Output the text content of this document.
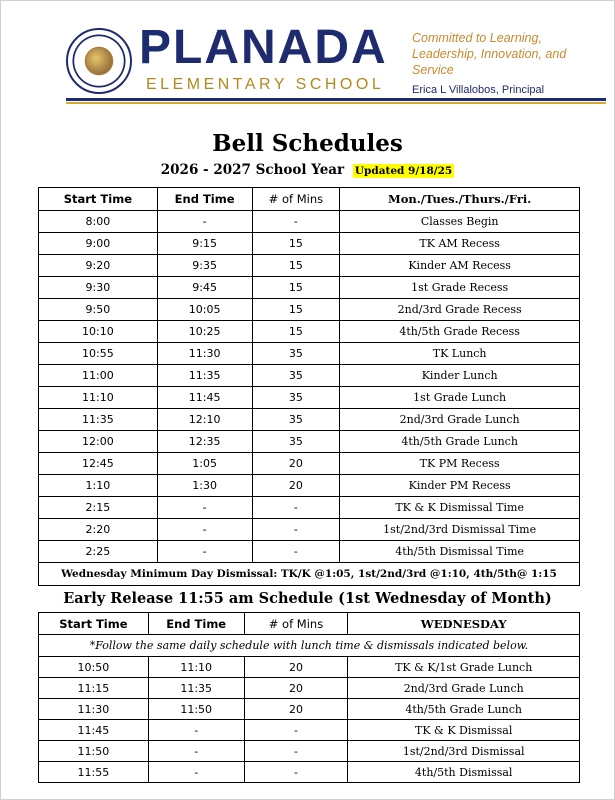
PLANADA
ELEMENTARY SCHOOL
Committed to Learning, Leadership, Innovation, and Service
Erica L Villalobos, Principal
Bell Schedules
2026 - 2027 School Year Updated 9/18/25
Start Time	End Time	# of Mins	Mon./Tues./Thurs./Fri.
8:00	-	-	Classes Begin
9:00	9:15	15	TK AM Recess
9:20	9:35	15	Kinder AM Recess
9:30	9:45	15	1st Grade Recess
9:50	10:05	15	2nd/3rd Grade Recess
10:10	10:25	15	4th/5th Grade Recess
10:55	11:30	35	TK Lunch
11:00	11:35	35	Kinder Lunch
11:10	11:45	35	1st Grade Lunch
11:35	12:10	35	2nd/3rd Grade Lunch
12:00	12:35	35	4th/5th Grade Lunch
12:45	1:05	20	TK PM Recess
1:10	1:30	20	Kinder PM Recess
2:15	-	-	TK & K Dismissal Time
2:20	-	-	1st/2nd/3rd Dismissal Time
2:25	-	-	4th/5th Dismissal Time
Wednesday Minimum Day Dismissal: TK/K @1:05, 1st/2nd/3rd @1:10, 4th/5th@ 1:15			
Early Release 11:55 am Schedule (1st Wednesday of Month)
Start Time	End Time	# of Mins	WEDNESDAY
*Follow the same daily schedule with lunch time & dismissals indicated below.			
10:50	11:10	20	TK & K/1st Grade Lunch
11:15	11:35	20	2nd/3rd Grade Lunch
11:30	11:50	20	4th/5th Grade Lunch
11:45	-	-	TK & K Dismissal
11:50	-	-	1st/2nd/3rd Dismissal
11:55	-	-	4th/5th Dismissal
